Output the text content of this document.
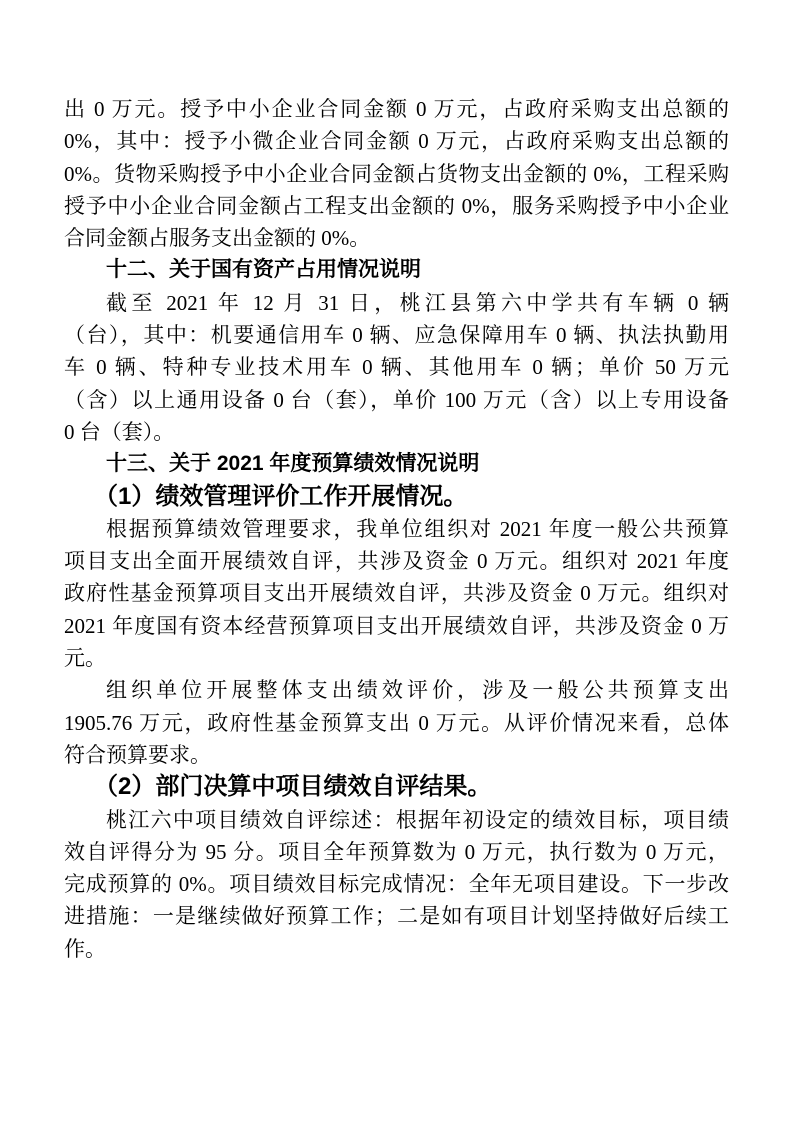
出 0 万元。授予中小企业合同金额 0 万元，占政府采购支出总额的
0%，其中：授予小微企业合同金额 0 万元，占政府采购支出总额的
0%。货物采购授予中小企业合同金额占货物支出金额的 0%，工程采购
授予中小企业合同金额占工程支出金额的 0%，服务采购授予中小企业
合同金额占服务支出金额的 0%。
十二、关于国有资产占用情况说明
截至 2021 年 12 月 31 日，桃江县第六中学共有车辆 0 辆
（台），其中：机要通信用车 0 辆、应急保障用车 0 辆、执法执勤用
车 0 辆、特种专业技术用车 0 辆、其他用车 0 辆；单价 50 万元
（含）以上通用设备 0 台（套），单价 100 万元（含）以上专用设备
0 台（套）。
十三、关于 2021 年度预算绩效情况说明
（1）绩效管理评价工作开展情况。
根据预算绩效管理要求，我单位组织对 2021 年度一般公共预算
项目支出全面开展绩效自评，共涉及资金 0 万元。组织对 2021 年度
政府性基金预算项目支出开展绩效自评，共涉及资金 0 万元。组织对
2021 年度国有资本经营预算项目支出开展绩效自评，共涉及资金 0 万
元。
组织单位开展整体支出绩效评价，涉及一般公共预算支出
1905.76 万元，政府性基金预算支出 0 万元。从评价情况来看，总体
符合预算要求。
（2）部门决算中项目绩效自评结果。
桃江六中项目绩效自评综述：根据年初设定的绩效目标，项目绩
效自评得分为 95 分。项目全年预算数为 0 万元，执行数为 0 万元，
完成预算的 0%。项目绩效目标完成情况：全年无项目建设。下一步改
进措施：一是继续做好预算工作；二是如有项目计划坚持做好后续工
作。
